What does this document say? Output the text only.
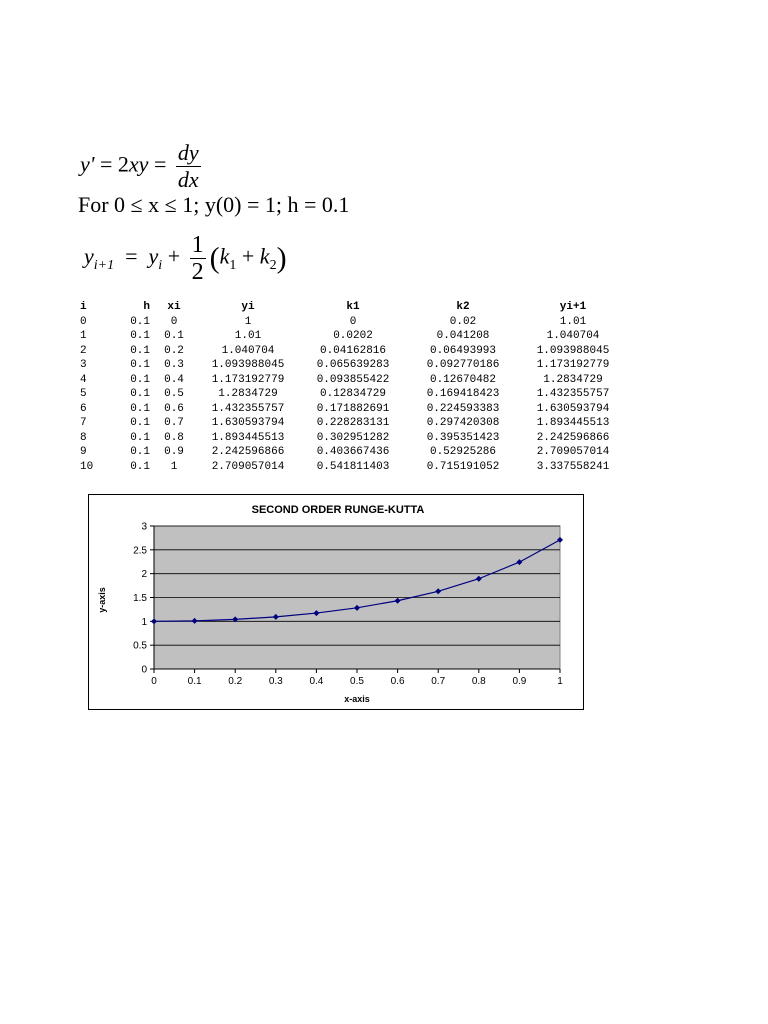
$y' = 2xy = \frac{dy}{dx}$
For 0 ≤ x ≤ 1; y(0) = 1; h = 0.1
$y_{i+1} = y_i + \frac{1}{2} (k_1 + k_2)$
i	h	xi	yi	k1	k2	yi+1
0	0.1	0	1	0	0.02	1.01
1	0.1	0.1	1.01	0.0202	0.041208	1.040704
2	0.1	0.2	1.040704	0.04162816	0.06493993	1.093988045
3	0.1	0.3	1.093988045	0.065639283	0.092770186	1.173192779
4	0.1	0.4	1.173192779	0.093855422	0.12670482	1.2834729
5	0.1	0.5	1.2834729	0.12834729	0.169418423	1.432355757
6	0.1	0.6	1.432355757	0.171882691	0.224593383	1.630593794
7	0.1	0.7	1.630593794	0.228283131	0.297420308	1.893445513
8	0.1	0.8	1.893445513	0.302951282	0.395351423	2.242596866
9	0.1	0.9	2.242596866	0.403667436	0.52925286	2.709057014
10	0.1	1	2.709057014	0.541811403	0.715191052	3.337558241
SECOND ORDER RUNGE-KUTTA
y-axis
x-axis
0
0.5
1
1.5
2
2.5
3
0	0.1	0.2	0.3	0.4	0.5	0.6	0.7	0.8	0.9	1
